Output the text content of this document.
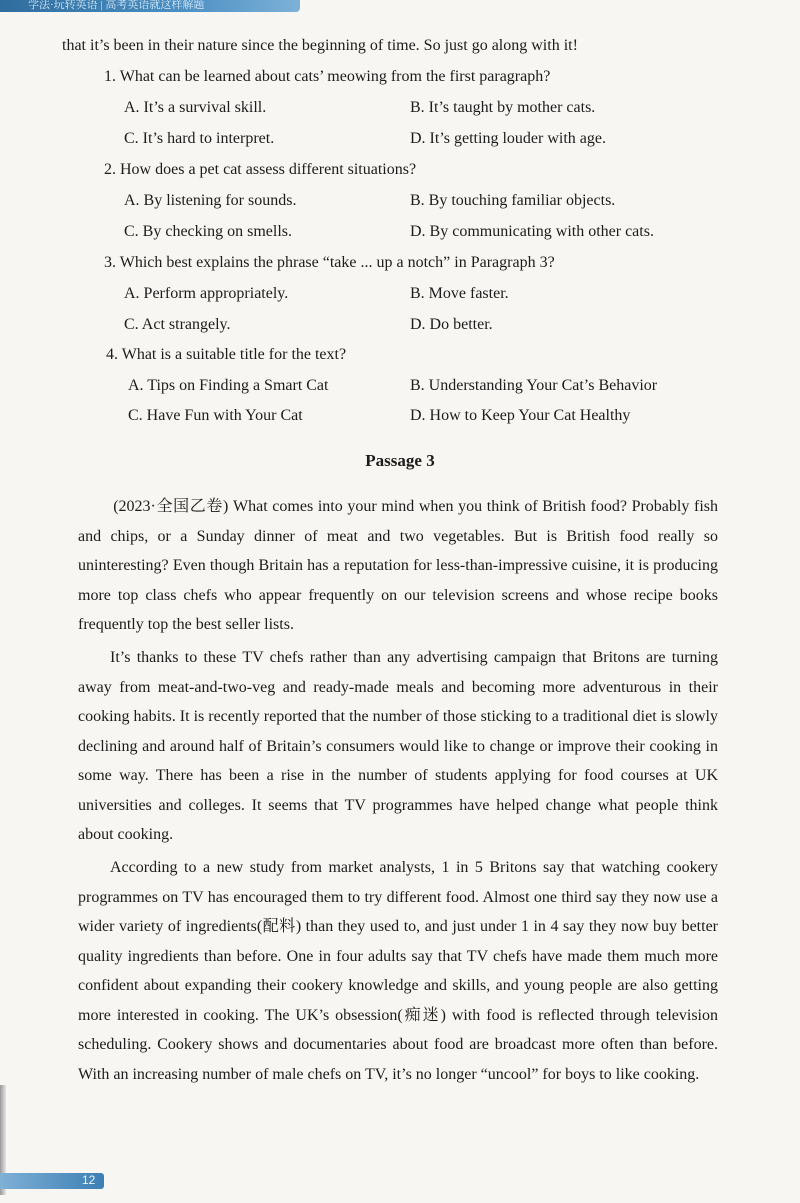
学法·玩转英语 | 高考英语就这样解题
that it’s been in their nature since the beginning of time. So just go along with it!
1. What can be learned about cats’ meowing from the first paragraph?
A. It’s a survival skill.	B. It’s taught by mother cats.
C. It’s hard to interpret.	D. It’s getting louder with age.
2. How does a pet cat assess different situations?
A. By listening for sounds.	B. By touching familiar objects.
C. By checking on smells.	D. By communicating with other cats.
3. Which best explains the phrase “take ... up a notch” in Paragraph 3?
A. Perform appropriately.	B. Move faster.
C. Act strangely.	D. Do better.
4. What is a suitable title for the text?
A. Tips on Finding a Smart Cat	B. Understanding Your Cat’s Behavior
C. Have Fun with Your Cat	D. How to Keep Your Cat Healthy
Passage 3
(2023·全国乙卷) What comes into your mind when you think of British food? Probably fish and chips, or a Sunday dinner of meat and two vegetables. But is British food really so uninteresting? Even though Britain has a reputation for less-than-impressive cuisine, it is producing more top class chefs who appear frequently on our television screens and whose recipe books frequently top the best seller lists.
It’s thanks to these TV chefs rather than any advertising campaign that Britons are turning away from meat-and-two-veg and ready-made meals and becoming more adventurous in their cooking habits. It is recently reported that the number of those sticking to a traditional diet is slowly declining and around half of Britain’s consumers would like to change or improve their cooking in some way. There has been a rise in the number of students applying for food courses at UK universities and colleges. It seems that TV programmes have helped change what people think about cooking.
According to a new study from market analysts, 1 in 5 Britons say that watching cookery programmes on TV has encouraged them to try different food. Almost one third say they now use a wider variety of ingredients(配料) than they used to, and just under 1 in 4 say they now buy better quality ingredients than before. One in four adults say that TV chefs have made them much more confident about expanding their cookery knowledge and skills, and young people are also getting more interested in cooking. The UK’s obsession(痴迷) with food is reflected through television scheduling. Cookery shows and documentaries about food are broadcast more often than before. With an increasing number of male chefs on TV, it’s no longer “uncool” for boys to like cooking.
12
